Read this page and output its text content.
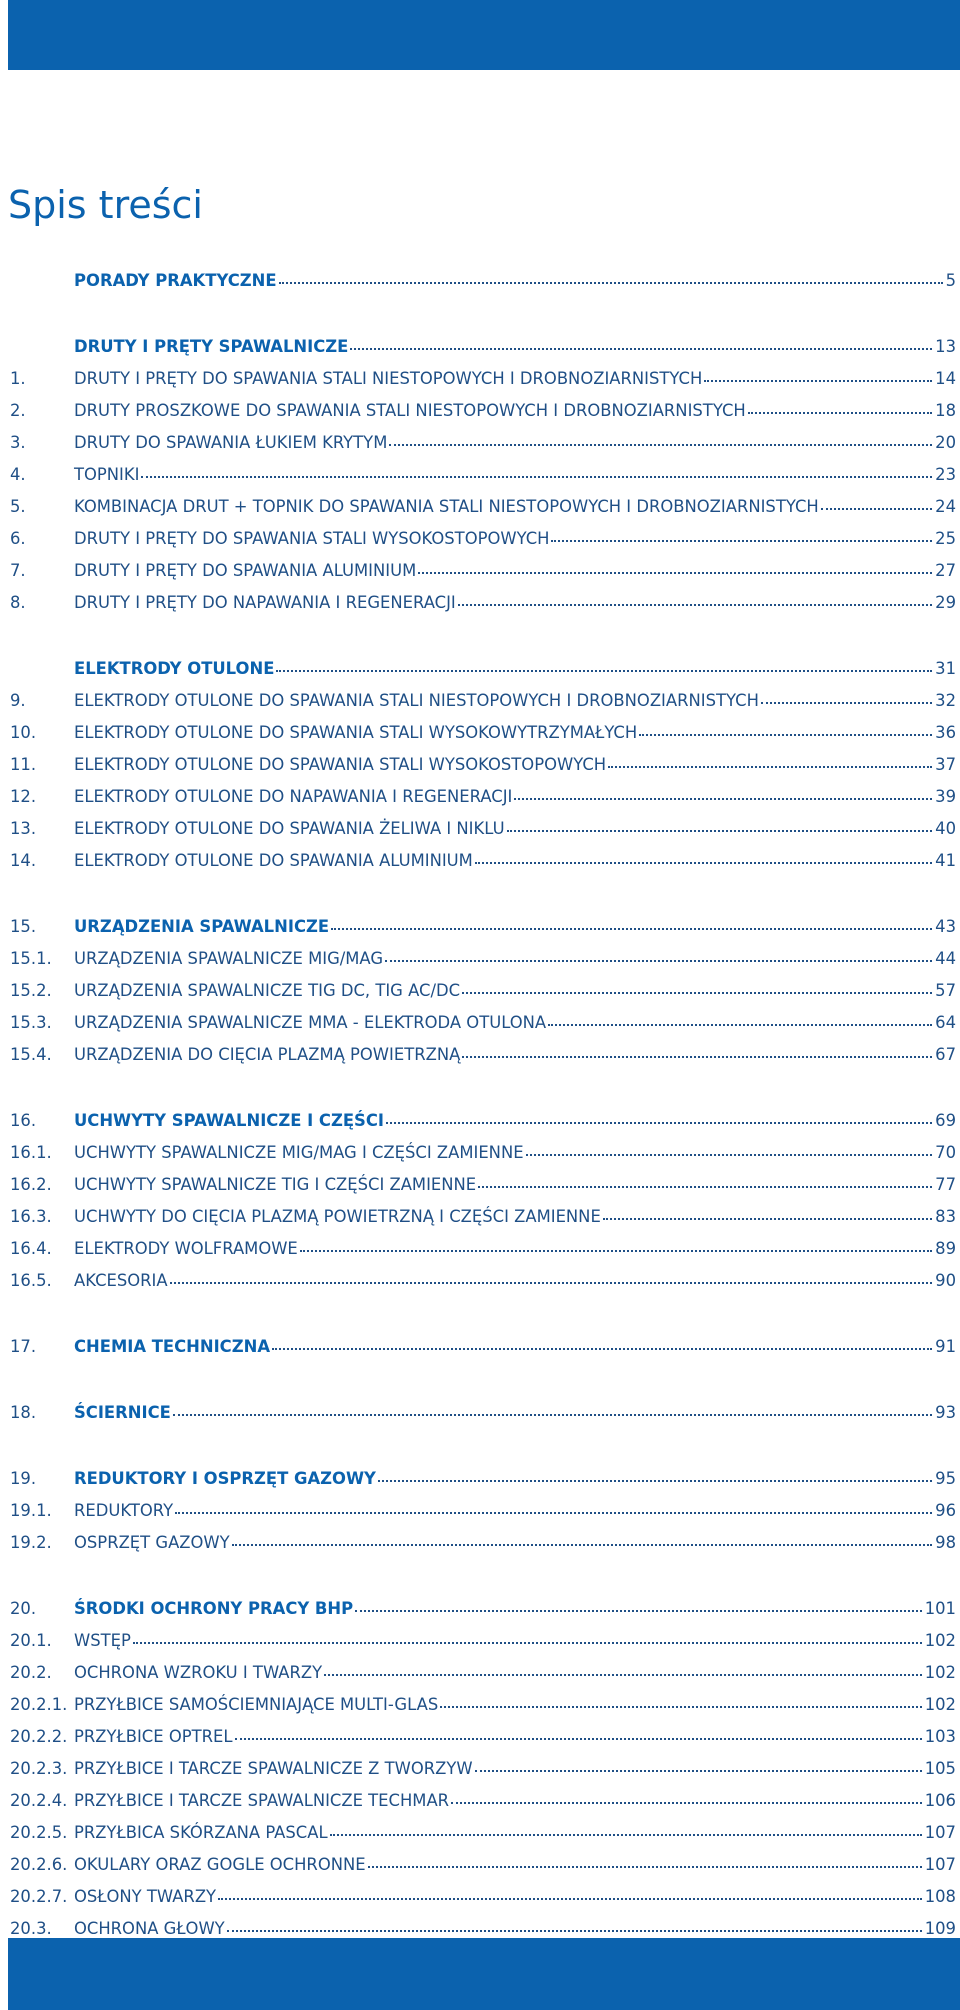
Spis treści
PORADY PRAKTYCZNE	5
DRUTY I PRĘTY SPAWALNICZE	13
1.	DRUTY I PRĘTY DO SPAWANIA STALI NIESTOPOWYCH I DROBNOZIARNISTYCH	14
2.	DRUTY PROSZKOWE DO SPAWANIA STALI NIESTOPOWYCH I DROBNOZIARNISTYCH	18
3.	DRUTY DO SPAWANIA ŁUKIEM KRYTYM	20
4.	TOPNIKI	23
5.	KOMBINACJA DRUT + TOPNIK DO SPAWANIA STALI NIESTOPOWYCH I DROBNOZIARNISTYCH	24
6.	DRUTY I PRĘTY DO SPAWANIA STALI WYSOKOSTOPOWYCH	25
7.	DRUTY I PRĘTY DO SPAWANIA ALUMINIUM	27
8.	DRUTY I PRĘTY DO NAPAWANIA I REGENERACJI	29
ELEKTRODY OTULONE	31
9.	ELEKTRODY OTULONE DO SPAWANIA STALI NIESTOPOWYCH I DROBNOZIARNISTYCH	32
10.	ELEKTRODY OTULONE DO SPAWANIA STALI WYSOKOWYTRZYMAŁYCH	36
11.	ELEKTRODY OTULONE DO SPAWANIA STALI WYSOKOSTOPOWYCH	37
12.	ELEKTRODY OTULONE DO NAPAWANIA I REGENERACJI	39
13.	ELEKTRODY OTULONE DO SPAWANIA ŻELIWA I NIKLU	40
14.	ELEKTRODY OTULONE DO SPAWANIA ALUMINIUM	41
15.	URZĄDZENIA SPAWALNICZE	43
15.1.	URZĄDZENIA SPAWALNICZE MIG/MAG	44
15.2.	URZĄDZENIA SPAWALNICZE TIG DC, TIG AC/DC	57
15.3.	URZĄDZENIA SPAWALNICZE MMA - ELEKTRODA OTULONA	64
15.4.	URZĄDZENIA DO CIĘCIA PLAZMĄ POWIETRZNĄ	67
16.	UCHWYTY SPAWALNICZE I CZĘŚCI	69
16.1.	UCHWYTY SPAWALNICZE MIG/MAG I CZĘŚCI ZAMIENNE	70
16.2.	UCHWYTY SPAWALNICZE TIG I CZĘŚCI ZAMIENNE	77
16.3.	UCHWYTY DO CIĘCIA PLAZMĄ POWIETRZNĄ I CZĘŚCI ZAMIENNE	83
16.4.	ELEKTRODY WOLFRAMOWE	89
16.5.	AKCESORIA	90
17.	CHEMIA TECHNICZNA	91
18.	ŚCIERNICE	93
19.	REDUKTORY I OSPRZĘT GAZOWY	95
19.1.	REDUKTORY	96
19.2.	OSPRZĘT GAZOWY	98
20.	ŚRODKI OCHRONY PRACY BHP	101
20.1.	WSTĘP	102
20.2.	OCHRONA WZROKU I TWARZY	102
20.2.1. PRZYŁBICE SAMOŚCIEMNIAJĄCE MULTI-GLAS	102
20.2.2. PRZYŁBICE OPTREL	103
20.2.3. PRZYŁBICE I TARCZE SPAWALNICZE Z TWORZYW	105
20.2.4. PRZYŁBICE I TARCZE SPAWALNICZE TECHMAR	106
20.2.5. PRZYŁBICA SKÓRZANA PASCAL	107
20.2.6. OKULARY ORAZ GOGLE OCHRONNE	107
20.2.7. OSŁONY TWARZY	108
20.3.	OCHRONA GŁOWY	109
